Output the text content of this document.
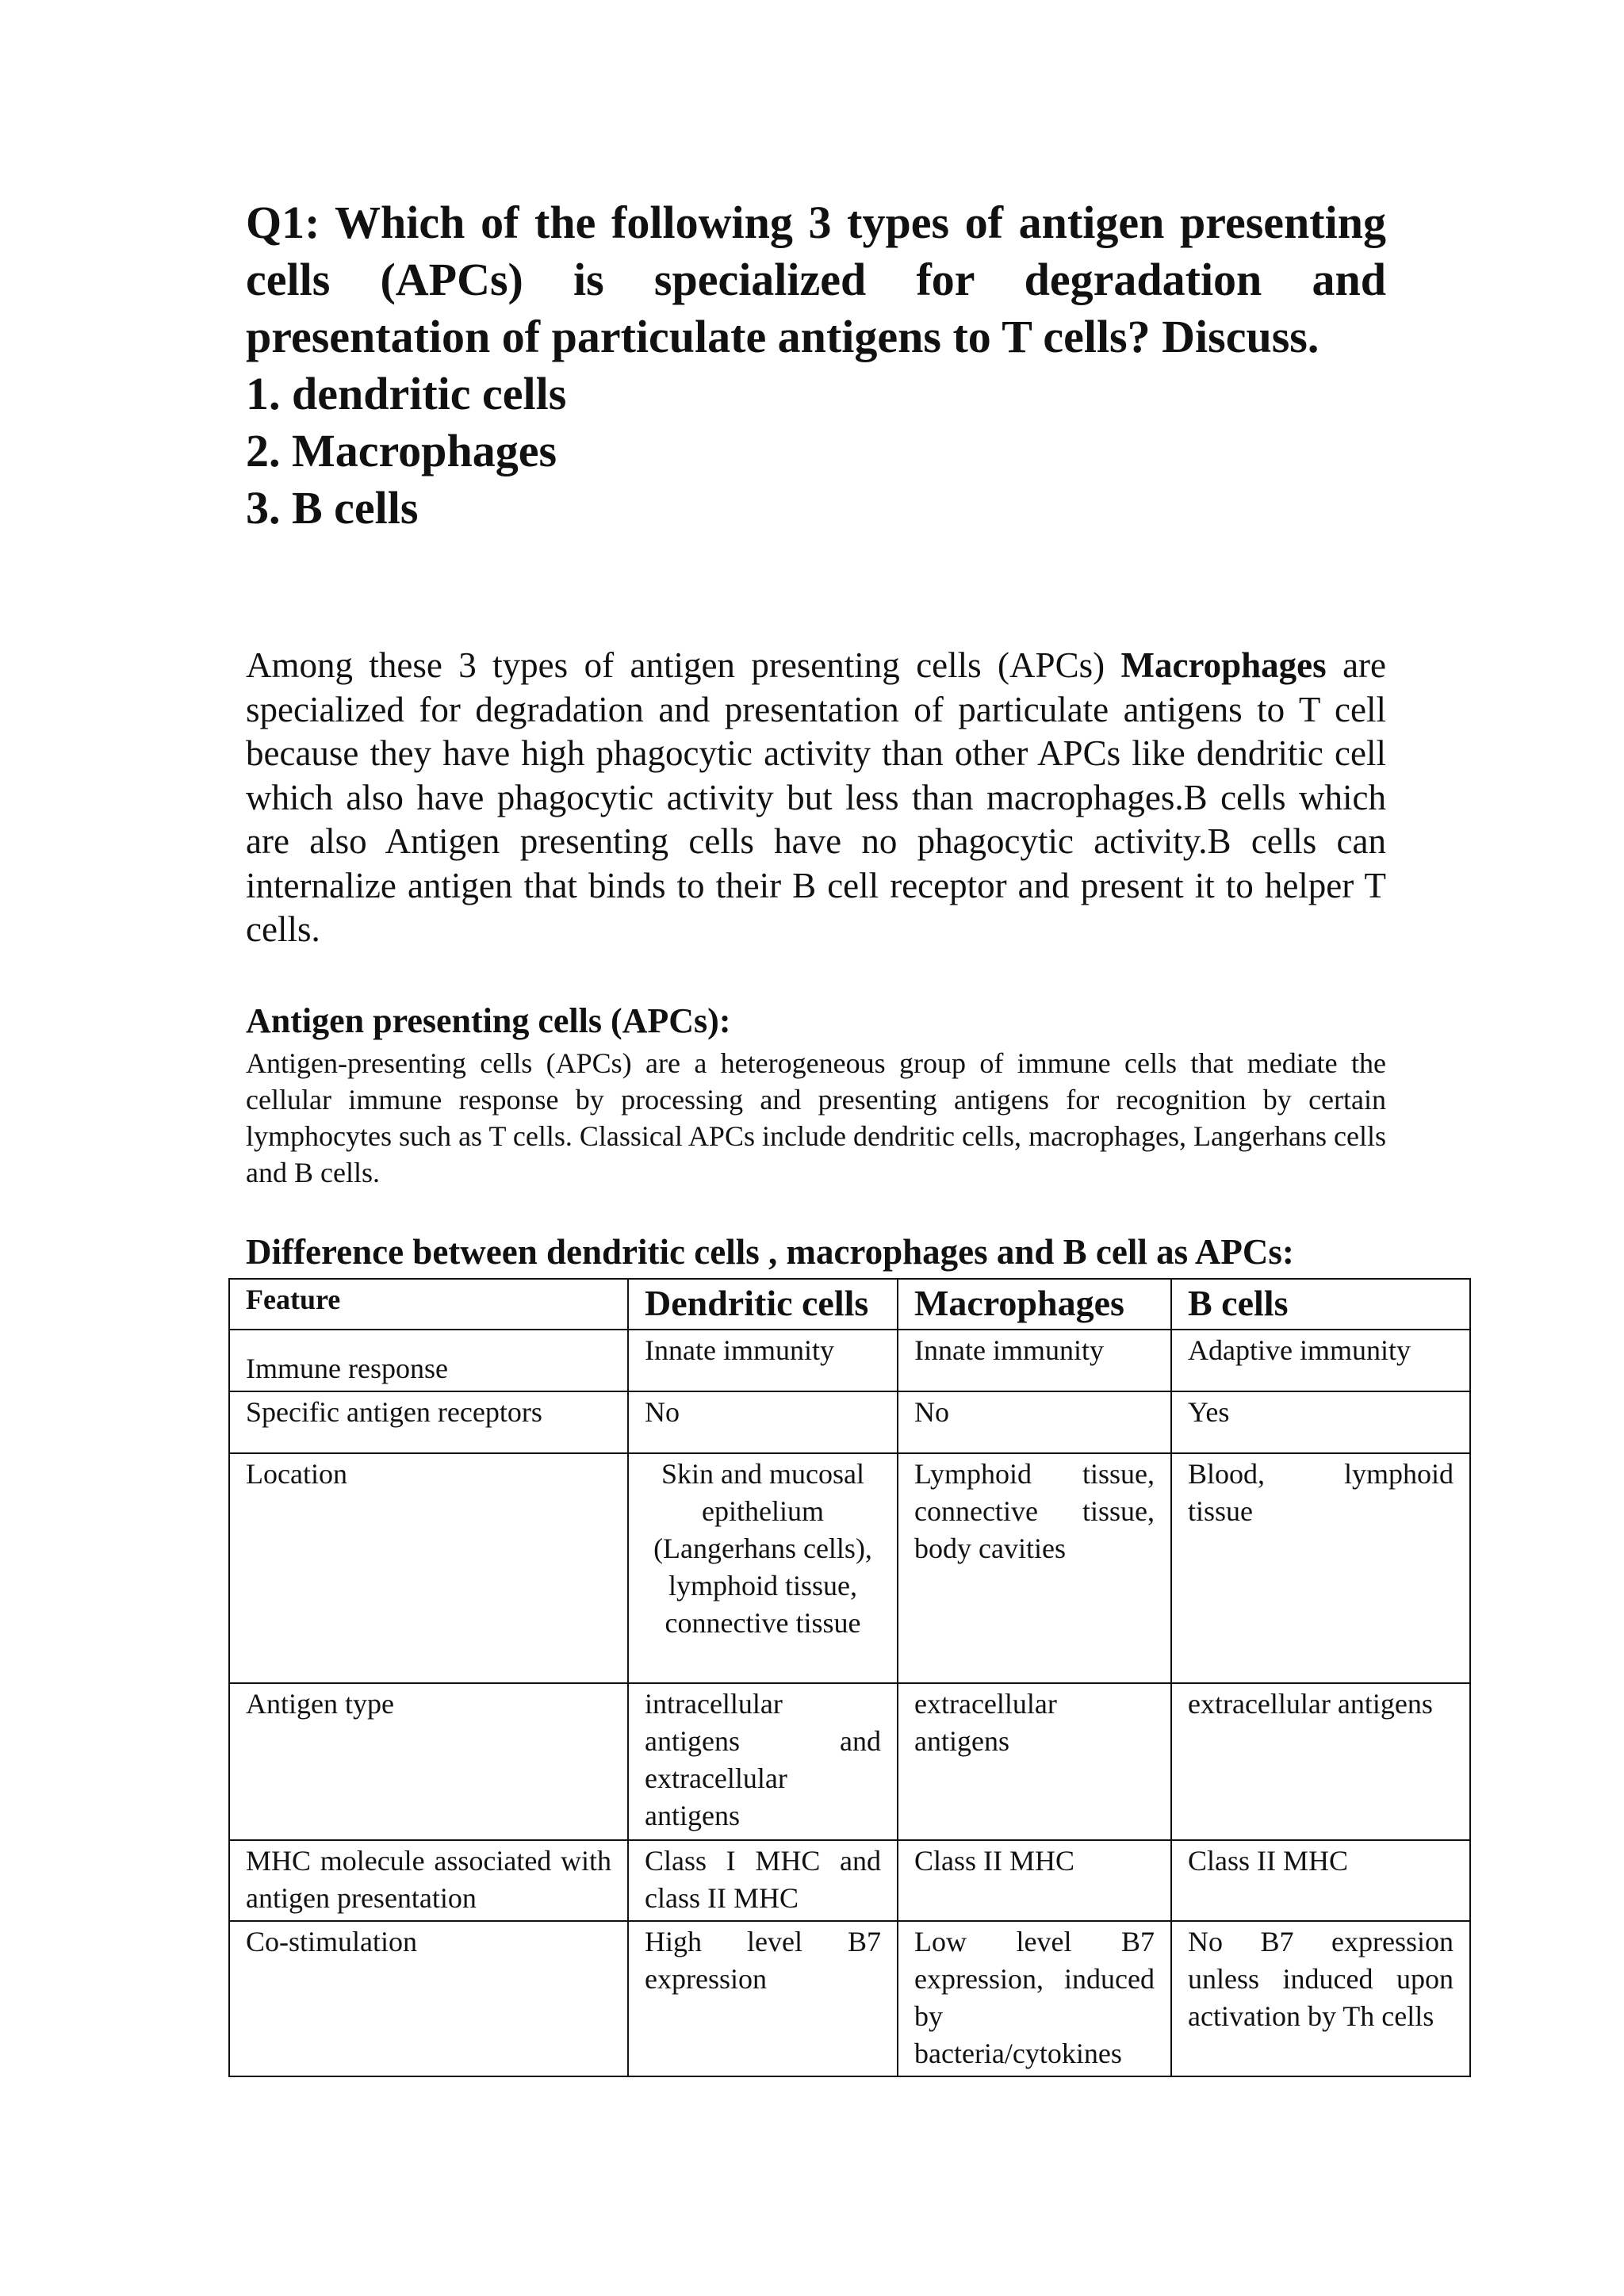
Q1: Which of the following 3 types of antigen presenting cells (APCs) is specialized for degradation and presentation of particulate antigens to T cells? Discuss.

1. dendritic cells
2. Macrophages
3. B cells

Among these 3 types of antigen presenting cells (APCs) Macrophages are specialized for degradation and presentation of particulate antigens to T cell because they have high phagocytic activity than other APCs like dendritic cell which also have phagocytic activity but less than macrophages.B cells which are also Antigen presenting cells have no phagocytic activity.B cells can internalize antigen that binds to their B cell receptor and present it to helper T cells.

Antigen presenting cells (APCs):

Antigen-presenting cells (APCs) are a heterogeneous group of immune cells that mediate the cellular immune response by processing and presenting antigens for recognition by certain lymphocytes such as T cells. Classical APCs include dendritic cells, macrophages, Langerhans cells and B cells.

Difference between dendritic cells , macrophages and B cell as APCs:
Feature	Dendritic cells	Macrophages	B cells
Immune response	Innate immunity	Innate immunity	Adaptive immunity
Specific antigen receptors	No	No	Yes
Location	Skin and mucosal epithelium (Langerhans cells), lymphoid tissue, connective tissue	Lymphoid tissue, connective tissue, body cavities	Blood, lymphoid tissue
Antigen type	intracellular antigens and extracellular antigens	extracellular antigens	extracellular antigens
MHC molecule associated with antigen presentation	Class I MHC and class II MHC	Class II MHC	Class II MHC
Co-stimulation	High level B7 expression	Low level B7 expression, induced by bacteria/cytokines	No B7 expression unless induced upon activation by Th cells
